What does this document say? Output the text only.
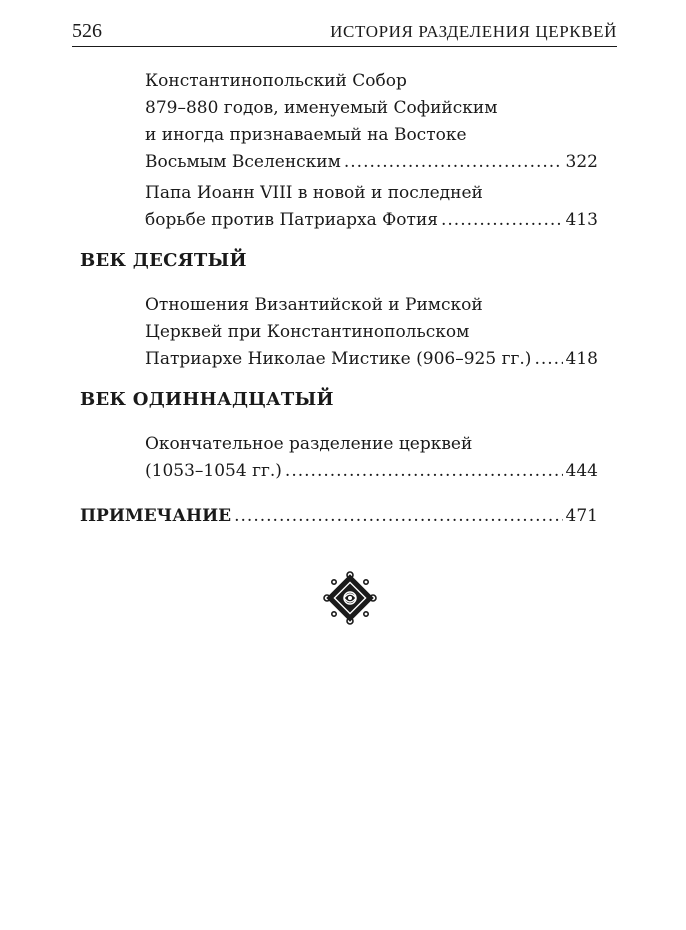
526	ИСТОРИЯ РАЗДЕЛЕНИЯ ЦЕРКВЕЙ
Константинопольский Собор
879–880 годов, именуемый Софийским
и иногда признаваемый на Востоке
Восьмым Вселенским .....	322
Папа Иоанн VIII в новой и последней
борьбе против Патриарха Фотия .....	413
ВЕК ДЕСЯТЫЙ
Отношения Византийской и Римской
Церквей при Константинопольском
Патриархе Николае Мистике (906–925 гг.) ..... 418
ВЕК ОДИННАДЦАТЫЙ
Окончательное разделение церквей
(1053–1054 гг.) .....	444
ПРИМЕЧАНИЕ .....	471
